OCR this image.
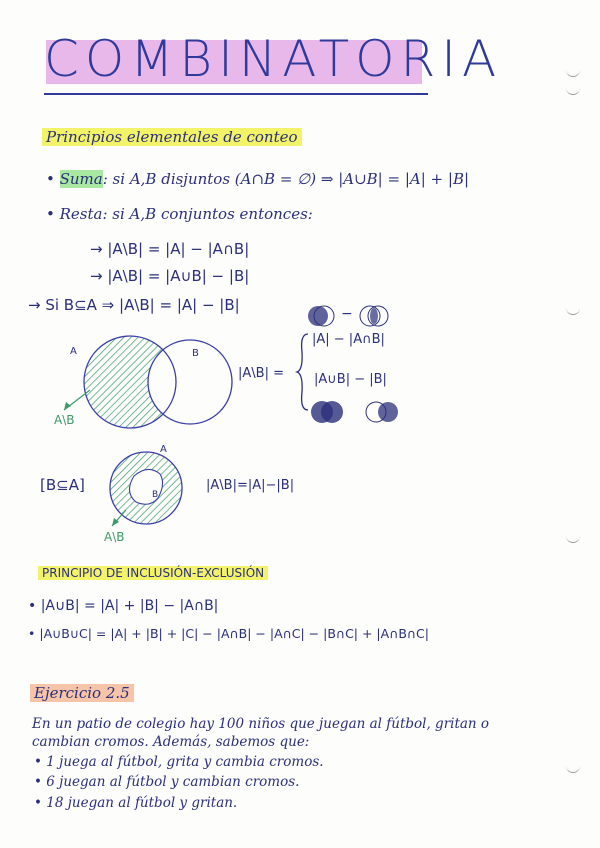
COMBINATORIA
Principios elementales de conteo
• Suma: si A,B disjuntos (A∩B = ∅) ⇒ |A∪B| = |A| + |B|
• Resta: si A,B conjuntos entonces:
→ |A\B| = |A| − |A∩B|
→ |A\B| = |A∪B| − |B|
→ Si B⊆A ⇒ |A\B| = |A| − |B|
A	B
A\B
|A\B| =
|A| − |A∩B|
|A∪B| − |B|
−
[B⊆A]
A
B
A\B
|A\B|=|A|−|B|
PRINCIPIO DE INCLUSIÓN-EXCLUSIÓN
• |A∪B| = |A| + |B| − |A∩B|
• |A∪B∪C| = |A| + |B| + |C| − |A∩B| − |A∩C| − |B∩C| + |A∩B∩C|
Ejercicio 2.5
En un patio de colegio hay 100 niños que juegan al fútbol, gritan o
cambian cromos. Además, sabemos que:
• 1 juega al fútbol, grita y cambia cromos.
• 6 juegan al fútbol y cambian cromos.
• 18 juegan al fútbol y gritan.
